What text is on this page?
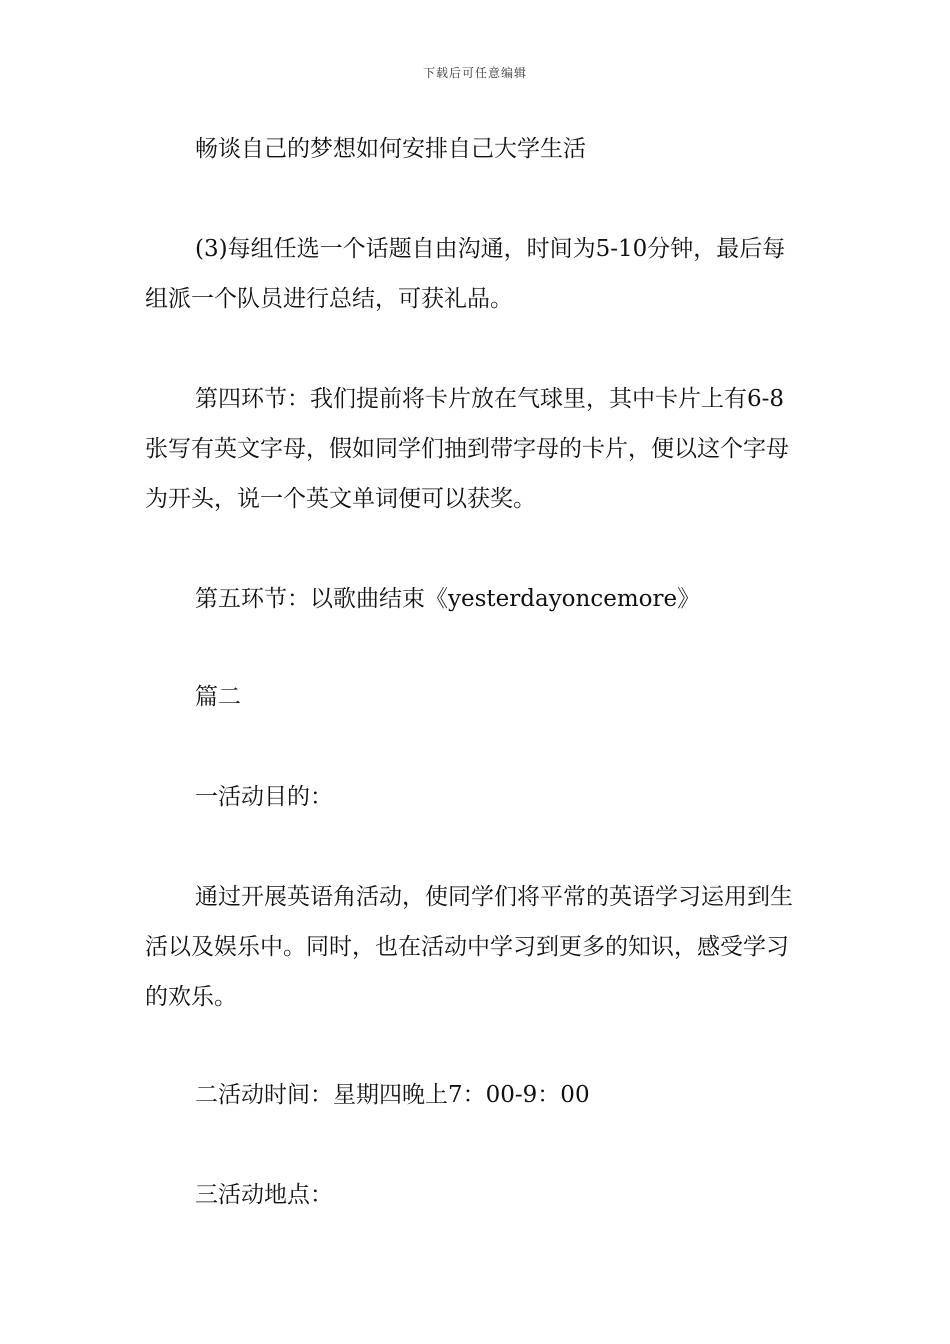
下载后可任意编辑

畅谈自己的梦想如何安排自己大学生活

(3)每组任选一个话题自由沟通，时间为5-10分钟，最后每组派一个队员进行总结，可获礼品。

第四环节：我们提前将卡片放在气球里，其中卡片上有6-8张写有英文字母，假如同学们抽到带字母的卡片，便以这个字母为开头，说一个英文单词便可以获奖。

第五环节：以歌曲结束《yesterdayoncemore》

篇二

一活动目的：

通过开展英语角活动，使同学们将平常的英语学习运用到生活以及娱乐中。同时，也在活动中学习到更多的知识，感受学习的欢乐。

二活动时间：星期四晚上7：00-9：00

三活动地点：
